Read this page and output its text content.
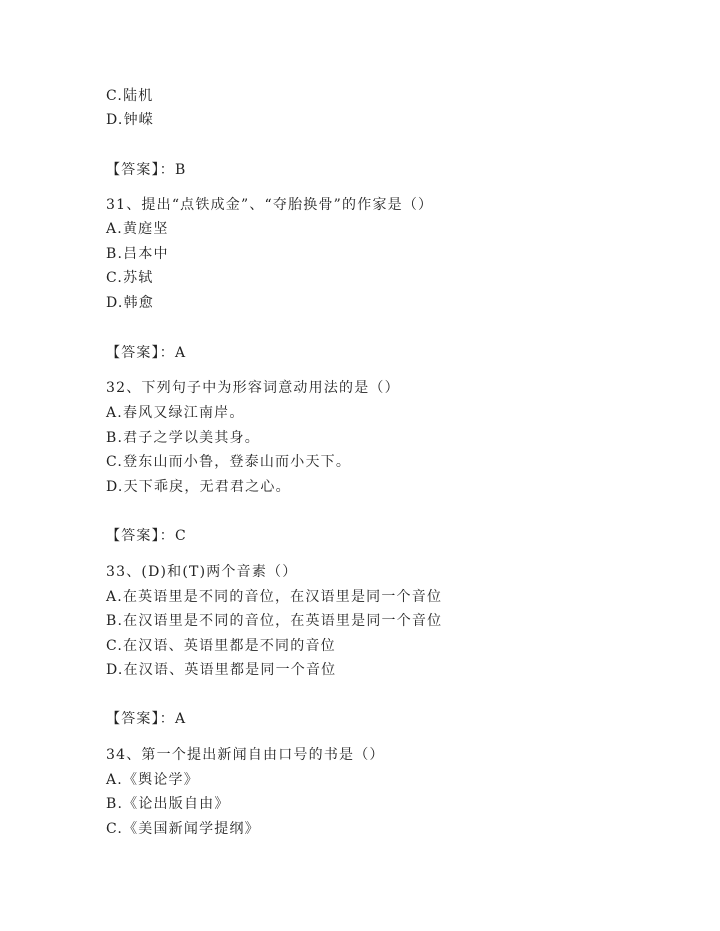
C.陆机
D.钟嵘
【答案】：B
31、提出“点铁成金”、“夺胎换骨”的作家是（）
A.黄庭坚
B.吕本中
C.苏轼
D.韩愈
【答案】：A
32、下列句子中为形容词意动用法的是（）
A.春风又绿江南岸。
B.君子之学以美其身。
C.登东山而小鲁，登泰山而小天下。
D.天下乖戾，无君君之心。
【答案】：C
33、(D)和(T)两个音素（）
A.在英语里是不同的音位，在汉语里是同一个音位
B.在汉语里是不同的音位，在英语里是同一个音位
C.在汉语、英语里都是不同的音位
D.在汉语、英语里都是同一个音位
【答案】：A
34、第一个提出新闻自由口号的书是（）
A.《舆论学》
B.《论出版自由》
C.《美国新闻学提纲》
